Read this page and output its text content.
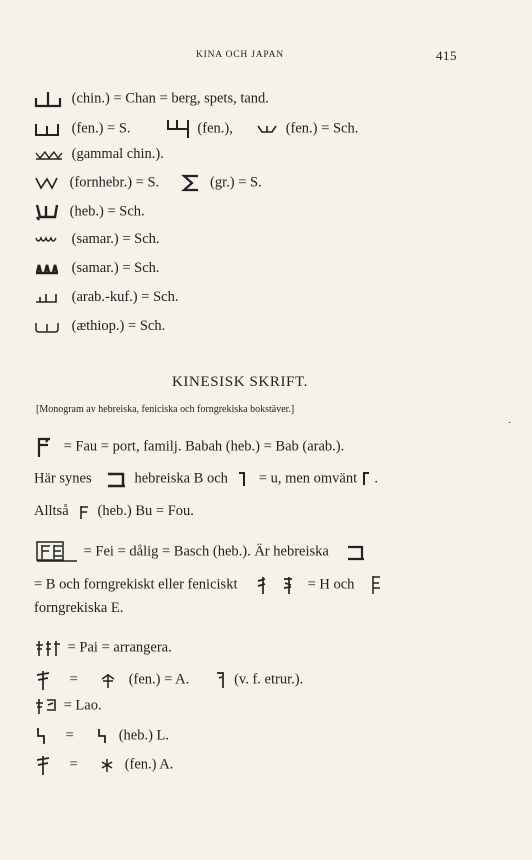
KINA OCH JAPAN	415
(chin.) = Chan = berg, spets, tand.
(fen.) = S.	(fen.),	(fen.) = Sch.
(gammal chin.).
(fornhebr.) = S.	(gr.) = S.
(heb.) = Sch.
(samar.) = Sch.
(samar.) = Sch.
(arab.-kuf.) = Sch.
(æthiop.) = Sch.
KINESISK SKRIFT.
[Monogram av hebreiska, feniciska och forngrekiska bokstäver.]
·
= Fau = port, familj. Babah (heb.) = Bab (arab.).
Här synes	hebreiska B och = u, men omvänt .
Alltså (heb.) Bu = Fou.
= Fei = dålig = Basch (heb.). Är hebreiska
= B och forngrekiskt eller feniciskt
	= H och
forngrekiska E.
= Pai = arrangera.
=	(fen.) = A.	(v. f. etrur.).
= Lao.
=	(heb.) L.
=	(fen.) A.
